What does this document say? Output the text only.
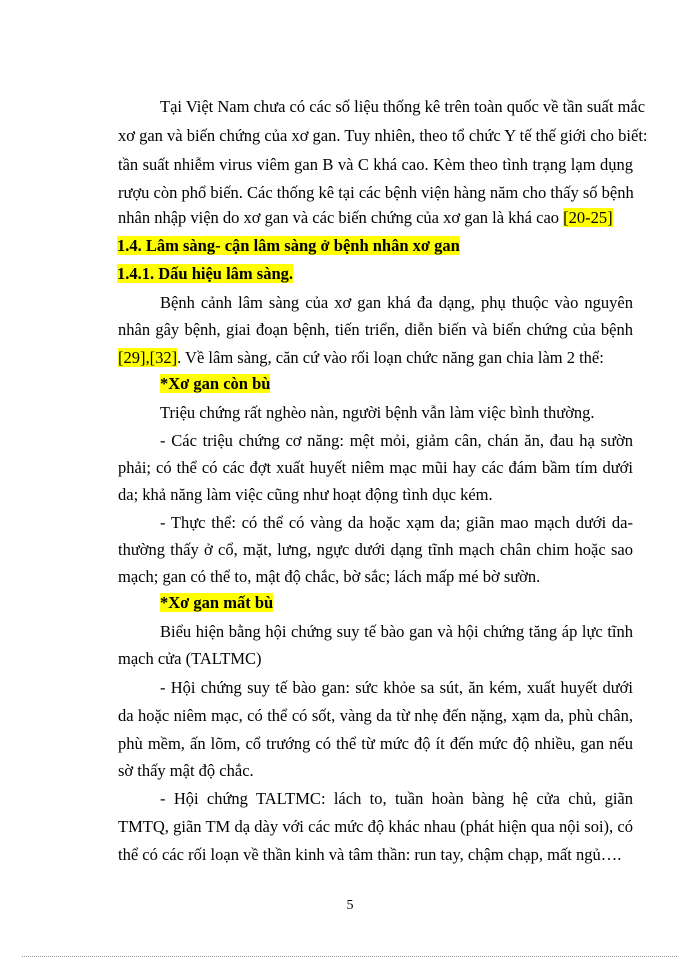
Tại Việt Nam chưa có các số liệu thống kê trên toàn quốc về tần suất mắc

xơ gan và biến chứng của xơ gan. Tuy nhiên, theo tổ chức Y tế thế giới cho biết:

tần suất nhiễm virus viêm gan B và C khá cao. Kèm theo tình trạng lạm dụng

rượu còn phổ biến. Các thống kê tại các bệnh viện hàng năm cho thấy số bệnh

nhân nhập viện do xơ gan và các biến chứng của xơ gan là khá cao [20-25]

1.4. Lâm sàng- cận lâm sàng ở bệnh nhân xơ gan

1.4.1. Dấu hiệu lâm sàng.

Bệnh cảnh lâm sàng của xơ gan khá đa dạng, phụ thuộc vào nguyên

nhân gây bệnh, giai đoạn bệnh, tiến triển, diễn biến và biến chứng của bệnh

[29],[32]. Về lâm sàng, căn cứ vào rối loạn chức năng gan chia làm 2 thể:

*Xơ gan còn bù

Triệu chứng rất nghèo nàn, người bệnh vẫn làm việc bình thường.

- Các triệu chứng cơ năng: mệt mỏi, giảm cân, chán ăn, đau hạ sườn

phải; có thể có các đợt xuất huyết niêm mạc mũi hay các đám bầm tím dưới

da; khả năng làm việc cũng như hoạt động tình dục kém.

- Thực thể: có thể có vàng da hoặc xạm da; giãn mao mạch dưới da-

thường thấy ở cổ, mặt, lưng, ngực dưới dạng tĩnh mạch chân chim hoặc sao

mạch; gan có thể to, mật độ chắc, bờ sắc; lách mấp mé bờ sườn.

*Xơ gan mất bù

Biểu hiện bằng hội chứng suy tế bào gan và hội chứng tăng áp lực tĩnh

mạch cửa (TALTMC)

- Hội chứng suy tế bào gan: sức khỏe sa sút, ăn kém, xuất huyết dưới

da hoặc niêm mạc, có thể có sốt, vàng da từ nhẹ đến nặng, xạm da, phù chân,

phù mềm, ấn lõm, cổ trướng có thể từ mức độ ít đến mức độ nhiều, gan nếu

sờ thấy mật độ chắc.

- Hội chứng TALTMC: lách to, tuần hoàn bàng hệ cửa chủ, giãn

TMTQ, giãn TM dạ dày với các mức độ khác nhau (phát hiện qua nội soi), có

thể có các rối loạn về thần kinh và tâm thần: run tay, chậm chạp, mất ngủ….

5
